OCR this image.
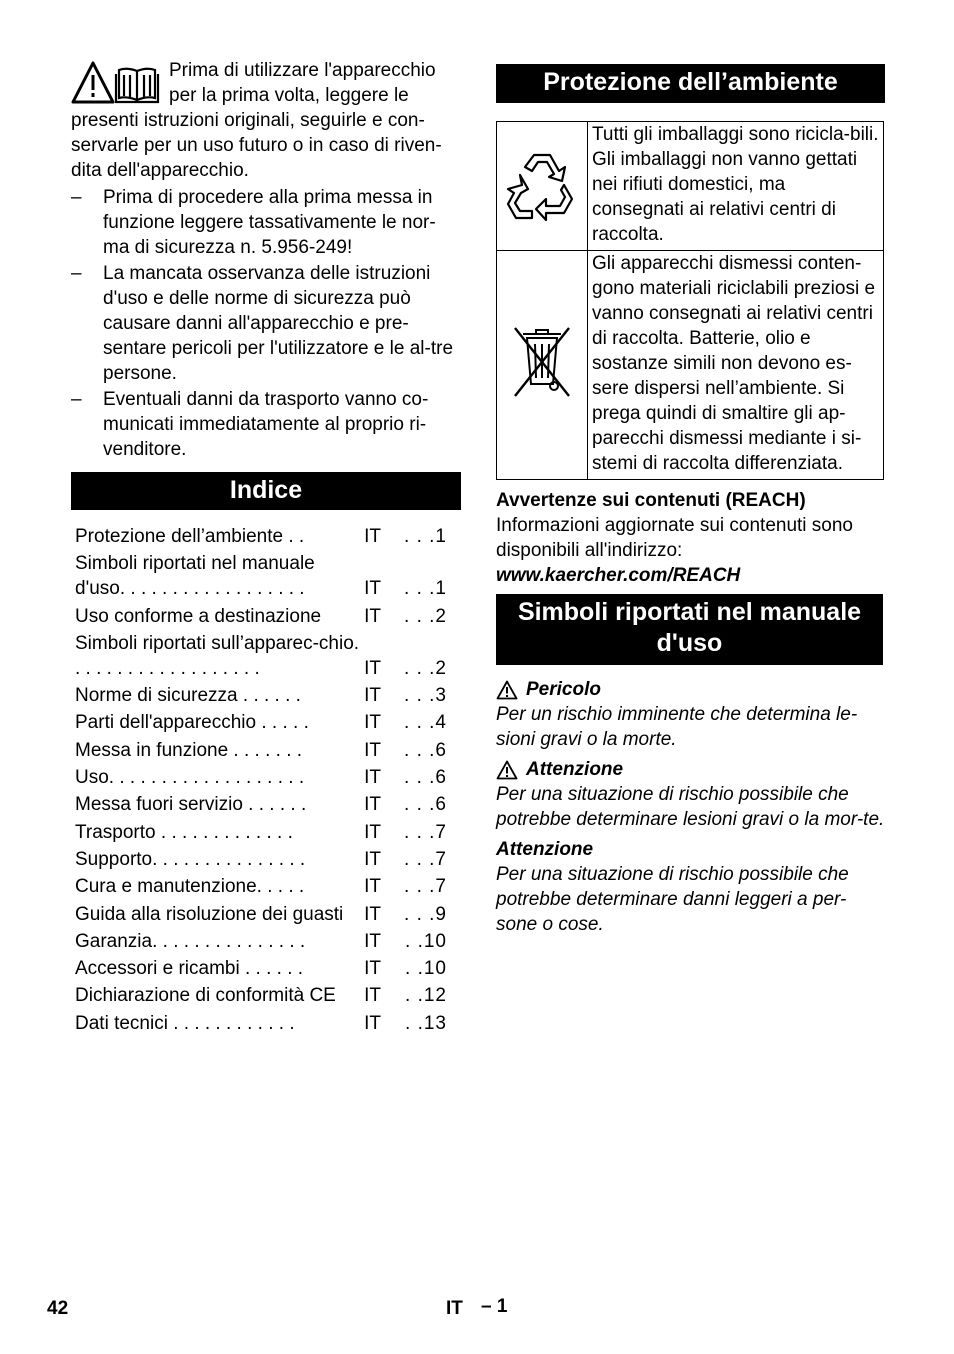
Prima di utilizzare l'apparecchio per la prima volta, leggere le presenti istruzioni originali, seguirle e con-servarle per un uso futuro o in caso di riven-dita dell'apparecchio.

– Prima di procedere alla prima messa in funzione leggere tassativamente le nor-ma di sicurezza n. 5.956-249!
– La mancata osservanza delle istruzioni d'uso e delle norme di sicurezza può causare danni all'apparecchio e pre-sentare pericoli per l'utilizzatore e le al-tre persone.
– Eventuali danni da trasporto vanno co-municati immediatamente al proprio ri-venditore.
Indice
Protezione dell’ambiente . .	IT . . .1
Simboli riportati nel manuale d'uso. . . . . . . . . . . . . . . . . .	IT . . .1
Uso conforme a destinazione	IT . . .2
Simboli riportati sull’apparec-chio. . . . . . . . . . . . . . . . . . .	IT . . .2
Norme di sicurezza . . . . . .	IT . . .3
Parti dell'apparecchio . . . . .	IT . . .4
Messa in funzione . . . . . . .	IT . . .6
Uso. . . . . . . . . . . . . . . . . . .	IT . . .6
Messa fuori servizio . . . . . .	IT . . .6
Trasporto . . . . . . . . . . . . .	IT . . .7
Supporto. . . . . . . . . . . . . . .	IT . . .7
Cura e manutenzione. . . . .	IT . . .7
Guida alla risoluzione dei guasti	IT . . .9
Garanzia. . . . . . . . . . . . . . .	IT . .10
Accessori e ricambi . . . . . .	IT . .10
Dichiarazione di conformità CE	IT . .12
Dati tecnici . . . . . . . . . . . .	IT . .13
Protezione dell’ambiente
	Tutti gli imballaggi sono ricicla-bili. Gli imballaggi non vanno gettati nei rifiuti domestici, ma consegnati ai relativi centri di raccolta.
	Gli apparecchi dismessi conten-gono materiali riciclabili preziosi e vanno consegnati ai relativi centri di raccolta. Batterie, olio e sostanze simili non devono es-sere dispersi nell’ambiente. Si prega quindi di smaltire gli ap-parecchi dismessi mediante i si-stemi di raccolta differenziata.
Avvertenze sui contenuti (REACH)
Informazioni aggiornate sui contenuti sono disponibili all'indirizzo:
www.kaercher.com/REACH
Simboli riportati nel manuale d'uso
Pericolo
Per un rischio imminente che determina le-sioni gravi o la morte.
Attenzione
Per una situazione di rischio possibile che potrebbe determinare lesioni gravi o la mor-te.
Attenzione
Per una situazione di rischio possibile che potrebbe determinare danni leggeri a per-sone o cose.
42	IT – 1
